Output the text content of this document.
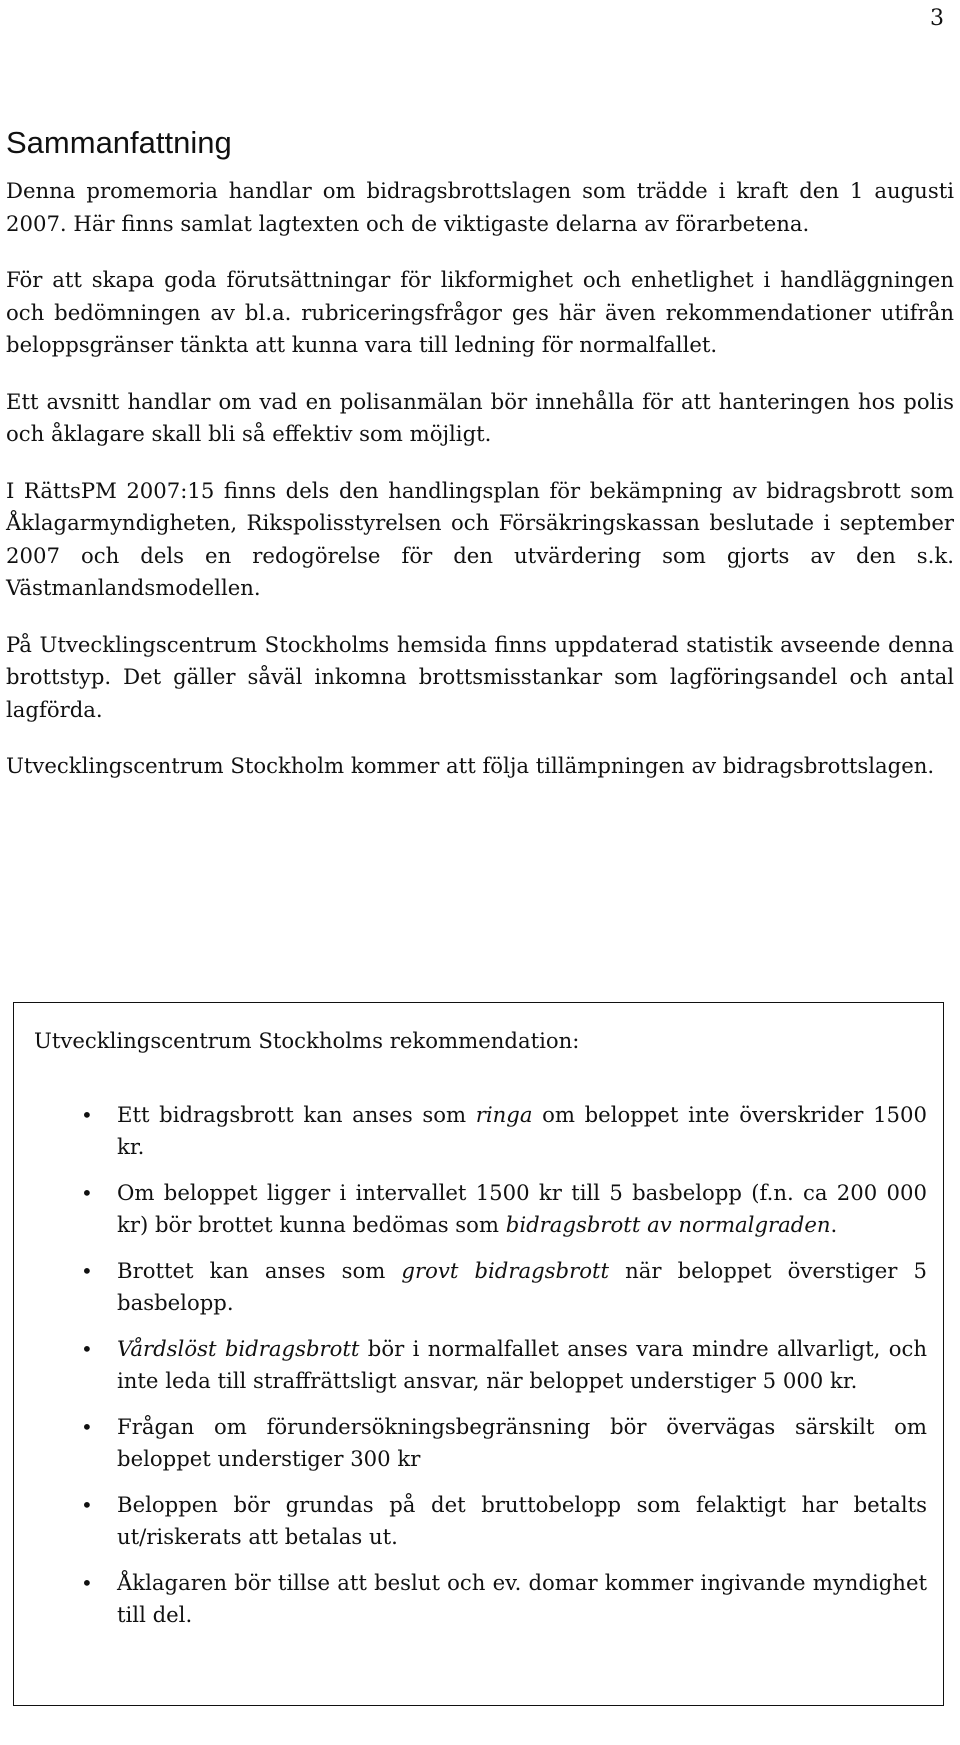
3
Sammanfattning

Denna promemoria handlar om bidragsbrottslagen som trädde i kraft den 1 augusti 2007. Här finns samlat lagtexten och de viktigaste delarna av förarbetena.

För att skapa goda förutsättningar för likformighet och enhetlighet i handläggningen och bedömningen av bl.a. rubriceringsfrågor ges här även rekommendationer utifrån beloppsgränser tänkta att kunna vara till ledning för normalfallet.

Ett avsnitt handlar om vad en polisanmälan bör innehålla för att hanteringen hos polis och åklagare skall bli så effektiv som möjligt.

I RättsPM 2007:15 finns dels den handlingsplan för bekämpning av bidragsbrott som Åklagarmyndigheten, Rikspolisstyrelsen och Försäkringskassan beslutade i september 2007 och dels en redogörelse för den utvärdering som gjorts av den s.k. Västmanlandsmodellen.

På Utvecklingscentrum Stockholms hemsida finns uppdaterad statistik avseende denna brottstyp. Det gäller såväl inkomna brottsmisstankar som lagföringsandel och antal lagförda.

Utvecklingscentrum Stockholm kommer att följa tillämpningen av bidragsbrottslagen.

Utvecklingscentrum Stockholms rekommendation:

• Ett bidragsbrott kan anses som ringa om beloppet inte överskrider 1500 kr.
• Om beloppet ligger i intervallet 1500 kr till 5 basbelopp (f.n. ca 200 000 kr) bör brottet kunna bedömas som bidragsbrott av normalgraden.
• Brottet kan anses som grovt bidragsbrott när beloppet överstiger 5 basbelopp.
• Vårdslöst bidragsbrott bör i normalfallet anses vara mindre allvarligt, och inte leda till straffrättsligt ansvar, när beloppet understiger 5 000 kr.
• Frågan om förundersökningsbegränsning bör övervägas särskilt om beloppet understiger 300 kr
• Beloppen bör grundas på det bruttobelopp som felaktigt har betalts ut/riskerats att betalas ut.
• Åklagaren bör tillse att beslut och ev. domar kommer ingivande myndighet till del.
